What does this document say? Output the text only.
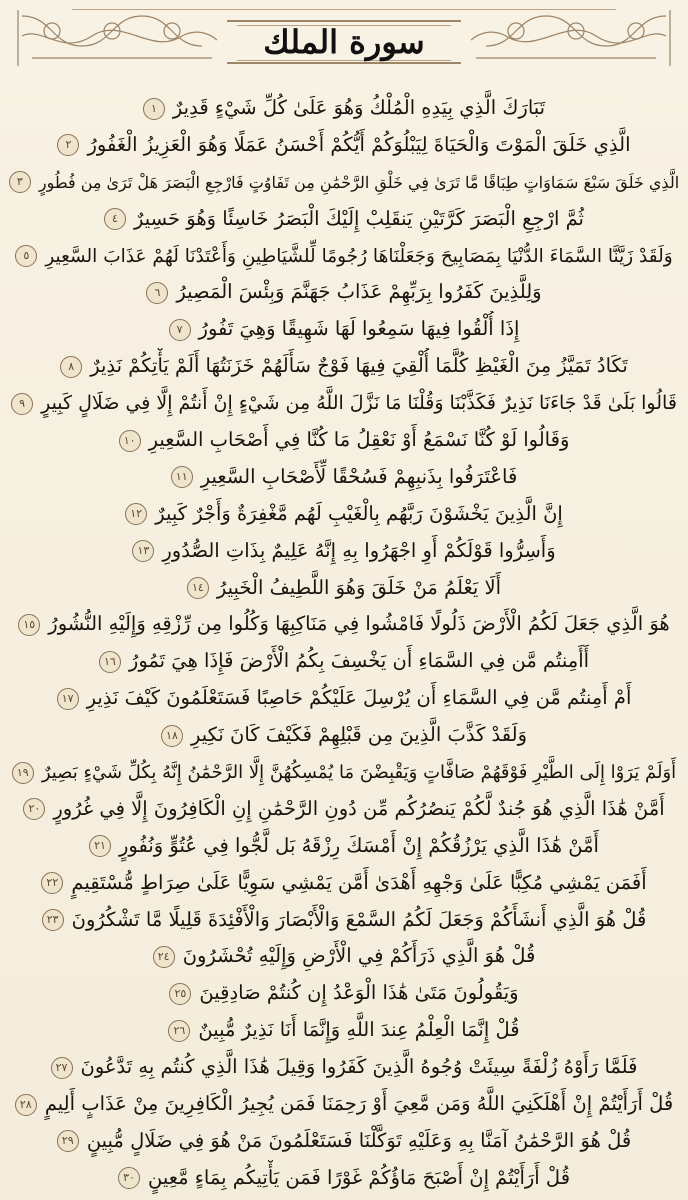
سورة الملك
تَبَارَكَ الَّذِي بِيَدِهِ الْمُلْكُ وَهُوَ عَلَىٰ كُلِّ شَيْءٍ قَدِيرٌ١
الَّذِي خَلَقَ الْمَوْتَ وَالْحَيَاةَ لِيَبْلُوَكُمْ أَيُّكُمْ أَحْسَنُ عَمَلًا وَهُوَ الْعَزِيزُ الْغَفُورُ٢
الَّذِي خَلَقَ سَبْعَ سَمَاوَاتٍ طِبَاقًا مَّا تَرَىٰ فِي خَلْقِ الرَّحْمَٰنِ مِن تَفَاوُتٍ فَارْجِعِ الْبَصَرَ هَلْ تَرَىٰ مِن فُطُورٍ٣
ثُمَّ ارْجِعِ الْبَصَرَ كَرَّتَيْنِ يَنقَلِبْ إِلَيْكَ الْبَصَرُ خَاسِئًا وَهُوَ حَسِيرٌ٤
وَلَقَدْ زَيَّنَّا السَّمَاءَ الدُّنْيَا بِمَصَابِيحَ وَجَعَلْنَاهَا رُجُومًا لِّلشَّيَاطِينِ وَأَعْتَدْنَا لَهُمْ عَذَابَ السَّعِيرِ٥
وَلِلَّذِينَ كَفَرُوا بِرَبِّهِمْ عَذَابُ جَهَنَّمَ وَبِئْسَ الْمَصِيرُ٦
إِذَا أُلْقُوا فِيهَا سَمِعُوا لَهَا شَهِيقًا وَهِيَ تَفُورُ٧
تَكَادُ تَمَيَّزُ مِنَ الْغَيْظِ كُلَّمَا أُلْقِيَ فِيهَا فَوْجٌ سَأَلَهُمْ خَزَنَتُهَا أَلَمْ يَأْتِكُمْ نَذِيرٌ٨
قَالُوا بَلَىٰ قَدْ جَاءَنَا نَذِيرٌ فَكَذَّبْنَا وَقُلْنَا مَا نَزَّلَ اللَّهُ مِن شَيْءٍ إِنْ أَنتُمْ إِلَّا فِي ضَلَالٍ كَبِيرٍ٩
وَقَالُوا لَوْ كُنَّا نَسْمَعُ أَوْ نَعْقِلُ مَا كُنَّا فِي أَصْحَابِ السَّعِيرِ١٠
فَاعْتَرَفُوا بِذَنبِهِمْ فَسُحْقًا لِّأَصْحَابِ السَّعِيرِ١١
إِنَّ الَّذِينَ يَخْشَوْنَ رَبَّهُم بِالْغَيْبِ لَهُم مَّغْفِرَةٌ وَأَجْرٌ كَبِيرٌ١٢
وَأَسِرُّوا قَوْلَكُمْ أَوِ اجْهَرُوا بِهِ إِنَّهُ عَلِيمٌ بِذَاتِ الصُّدُورِ١٣
أَلَا يَعْلَمُ مَنْ خَلَقَ وَهُوَ اللَّطِيفُ الْخَبِيرُ١٤
هُوَ الَّذِي جَعَلَ لَكُمُ الْأَرْضَ ذَلُولًا فَامْشُوا فِي مَنَاكِبِهَا وَكُلُوا مِن رِّزْقِهِ وَإِلَيْهِ النُّشُورُ١٥
أَأَمِنتُم مَّن فِي السَّمَاءِ أَن يَخْسِفَ بِكُمُ الْأَرْضَ فَإِذَا هِيَ تَمُورُ١٦
أَمْ أَمِنتُم مَّن فِي السَّمَاءِ أَن يُرْسِلَ عَلَيْكُمْ حَاصِبًا فَسَتَعْلَمُونَ كَيْفَ نَذِيرِ١٧
وَلَقَدْ كَذَّبَ الَّذِينَ مِن قَبْلِهِمْ فَكَيْفَ كَانَ نَكِيرِ١٨
أَوَلَمْ يَرَوْا إِلَى الطَّيْرِ فَوْقَهُمْ صَافَّاتٍ وَيَقْبِضْنَ مَا يُمْسِكُهُنَّ إِلَّا الرَّحْمَٰنُ إِنَّهُ بِكُلِّ شَيْءٍ بَصِيرٌ١٩
أَمَّنْ هَٰذَا الَّذِي هُوَ جُندٌ لَّكُمْ يَنصُرُكُم مِّن دُونِ الرَّحْمَٰنِ إِنِ الْكَافِرُونَ إِلَّا فِي غُرُورٍ٢٠
أَمَّنْ هَٰذَا الَّذِي يَرْزُقُكُمْ إِنْ أَمْسَكَ رِزْقَهُ بَل لَّجُّوا فِي عُتُوٍّ وَنُفُورٍ٢١
أَفَمَن يَمْشِي مُكِبًّا عَلَىٰ وَجْهِهِ أَهْدَىٰ أَمَّن يَمْشِي سَوِيًّا عَلَىٰ صِرَاطٍ مُّسْتَقِيمٍ٢٢
قُلْ هُوَ الَّذِي أَنشَأَكُمْ وَجَعَلَ لَكُمُ السَّمْعَ وَالْأَبْصَارَ وَالْأَفْئِدَةَ قَلِيلًا مَّا تَشْكُرُونَ٢٣
قُلْ هُوَ الَّذِي ذَرَأَكُمْ فِي الْأَرْضِ وَإِلَيْهِ تُحْشَرُونَ٢٤
وَيَقُولُونَ مَتَىٰ هَٰذَا الْوَعْدُ إِن كُنتُمْ صَادِقِينَ٢٥
قُلْ إِنَّمَا الْعِلْمُ عِندَ اللَّهِ وَإِنَّمَا أَنَا نَذِيرٌ مُّبِينٌ٢٦
فَلَمَّا رَأَوْهُ زُلْفَةً سِيئَتْ وُجُوهُ الَّذِينَ كَفَرُوا وَقِيلَ هَٰذَا الَّذِي كُنتُم بِهِ تَدَّعُونَ٢٧
قُلْ أَرَأَيْتُمْ إِنْ أَهْلَكَنِيَ اللَّهُ وَمَن مَّعِيَ أَوْ رَحِمَنَا فَمَن يُجِيرُ الْكَافِرِينَ مِنْ عَذَابٍ أَلِيمٍ٢٨
قُلْ هُوَ الرَّحْمَٰنُ آمَنَّا بِهِ وَعَلَيْهِ تَوَكَّلْنَا فَسَتَعْلَمُونَ مَنْ هُوَ فِي ضَلَالٍ مُّبِينٍ٢٩
قُلْ أَرَأَيْتُمْ إِنْ أَصْبَحَ مَاؤُكُمْ غَوْرًا فَمَن يَأْتِيكُم بِمَاءٍ مَّعِينٍ٣٠
